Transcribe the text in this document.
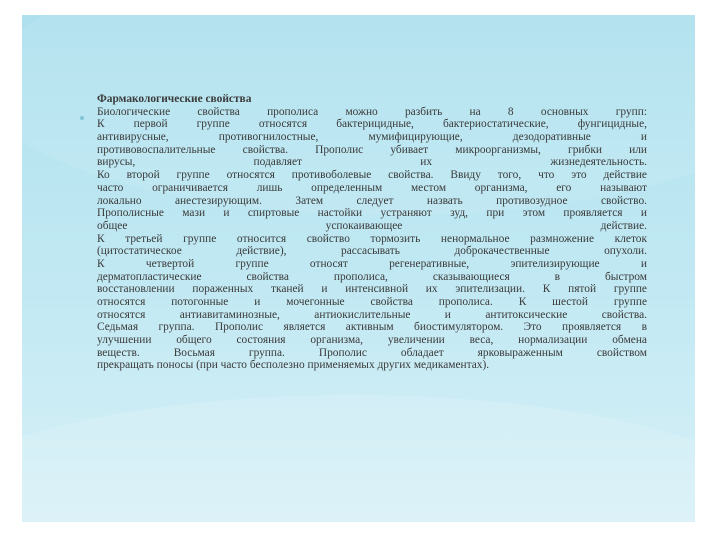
Фармакологические свойства

Биологические свойства прополиса можно разбить на 8 основных групп:

К первой группе относятся бактерицидные, бактериостатические, фунгицидные,

антивирусные, противогнилостные, мумифицирующие, дезодоративные и

противовоспалительные свойства. Прополис убивает микроорганизмы, грибки или

вирусы, подавляет их жизнедеятельность.

Ко второй группе относятся противоболевые свойства. Ввиду того, что это действие

часто ограничивается лишь определенным местом организма, его называют

локально анестезирующим. Затем следует назвать противозудное свойство.

Прополисные мази и спиртовые настойки устраняют зуд, при этом проявляется и

общее успокаивающее действие.

К третьей группе относится свойство тормозить ненормальное размножение клеток

(цитостатическое действие), рассасывать доброкачественные опухоли.

К четвертой группе относят регенеративные, эпителизирующие и

дерматопластические свойства прополиса, сказывающиеся в быстром

восстановлении пораженных тканей и интенсивной их эпителизации. К пятой группе

относятся потогонные и мочегонные свойства прополиса. К шестой группе

относятся антиавитаминозные, антиокислительные и антитоксические свойства.

Седьмая группа. Прополис является активным биостимулятором. Это проявляется в

улучшении общего состояния организма, увеличении веса, нормализации обмена

веществ. Восьмая группа. Прополис обладает ярковыраженным свойством

прекращать поносы (при часто бесполезно применяемых других медикаментах).
